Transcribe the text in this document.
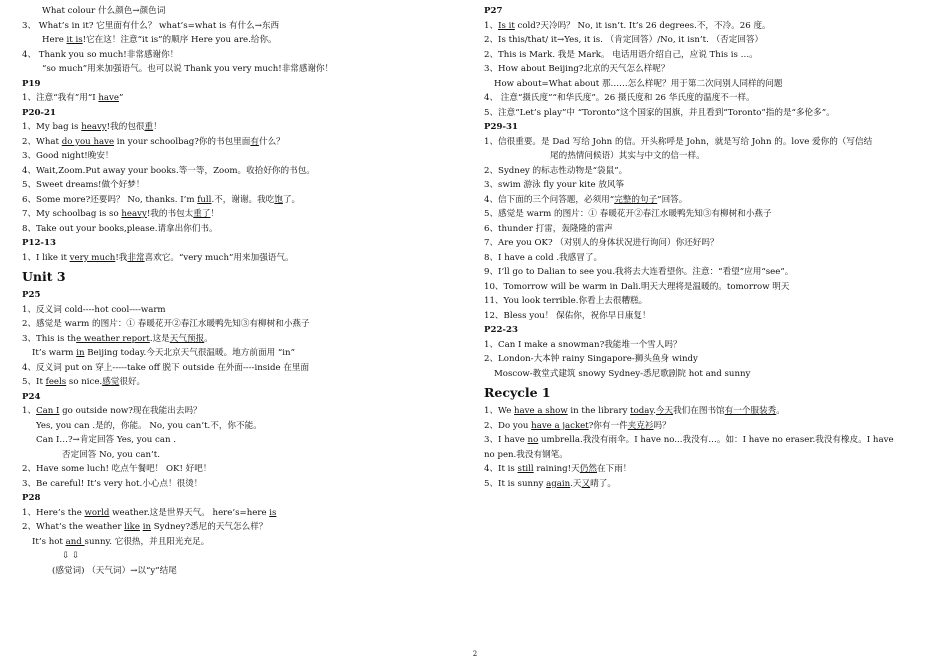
What colour 什么颜色→颜色词
3、 What’s in it? 它里面有什么？ what’s=what is 有什么→东西
Here it is!它在这！注意“it is”的顺序 Here you are.给你。
4、 Thank you so much!非常感谢你！
“so much”用来加强语气。也可以说 Thank you very much!非常感谢你！
P19
1、注意“我有”用“I have”
P20-21
1、My bag is heavy!我的包很重！
2、What do you have in your schoolbag?你的书包里面有什么？
3、Good night!晚安！
4、Wait,Zoom.Put away your books.等一等，Zoom。收拾好你的书包。
5、Sweet dreams!做个好梦！
6、Some more?还要吗？ No, thanks. I’m full.不，谢谢。我吃饱了。
7、My schoolbag is so heavy!我的书包太重了！
8、Take out your books,please.请拿出你们书。
P12-13
1、I like it very much!我非常喜欢它。“very much”用来加强语气。
Unit 3
P25
1、反义词 cold----hot cool----warm
2、感觉是 warm 的图片：① 春暖花开②春江水暖鸭先知③有柳树和小燕子
3、This is the weather report.这是天气预报。
It’s warm in Beijing today.今天北京天气很温暖。地方前面用 “in”
4、反义词 put on 穿上-----take off 脱下 outside 在外面----inside 在里面
5、It feels so nice.感觉很好。
P24
1、Can I go outside now?现在我能出去吗？
Yes, you can .是的，你能。 No, you can’t.不，你不能。
Can I…?→肯定回答 Yes, you can .
否定回答 No, you can’t.
2、Have some luch! 吃点午餐吧！ OK! 好吧！
3、Be careful! It’s very hot.小心点！很烫！
P28
1、Here’s the world weather.这是世界天气。 here’s=here is
2、What’s the weather like in Sydney?悉尼的天气怎么样？
It’s hot and sunny. 它很热，并且阳光充足。
⇩ ⇩
(感觉词) （天气词）→以“y”结尾
P27
1、Is it cold?天冷吗？ No, it isn’t. It’s 26 degrees.不，不冷。26 度。
2、Is this/that/ it→Yes, it is. （肯定回答）/No, it isn’t. （否定回答）
2、This is Mark. 我是 Mark。 电话用语介绍自己，应说 This is …。
3、How about Beijing?北京的天气怎么样呢？
How about=What about 那……怎么样呢？用于第二次问别人同样的问题
4、 注意“摄氏度”“和华氏度”。26 摄氏度和 26 华氏度的温度不一样。
5、注意“Let’s play”中 “Toronto”这个国家的国旗，并且看到“Toronto”指的是“多伦多”。
P29-31
1、信很重要。是 Dad 写给 John 的信。开头称呼是 John，就是写给 John 的。love 爱你的（写信结
尾的热情问候语）其实与中文的信一样。
2、Sydney 的标志性动物是“袋鼠”。
3、swim 游泳 fly your kite 放风筝
4、信下面的三个问答题，必须用“完整的句子”回答。
5、感觉是 warm 的图片：① 春暖花开②春江水暖鸭先知③有柳树和小燕子
6、thunder 打雷，轰隆隆的雷声
7、Are you OK? （对别人的身体状况进行询问）你还好吗？
8、I have a cold .我感冒了。
9、I’ll go to Dalian to see you.我将去大连看望你。注意：“看望”应用“see”。
10、Tomorrow will be warm in Dali.明天大理将是温暖的。tomorrow 明天
11、You look terrible.你看上去很糟糕。
12、Bless you！ 保佑你，祝你早日康复！
P22-23
1、Can I make a snowman?我能堆一个雪人吗？
2、London-大本钟 rainy Singapore-狮头鱼身 windy
Moscow-教堂式建筑 snowy Sydney-悉尼歌剧院 hot and sunny
Recycle 1
1、We have a show in the library today.今天我们在图书馆有一个服装秀。
2、Do you have a jacket?你有一件夹克衫吗？
3、I have no umbrella.我没有雨伞。I have no...我没有…。如：I have no eraser.我没有橡皮。I have
no pen.我没有钢笔。
4、It is still raining!天仍然在下雨！
5、It is sunny again.天又晴了。
2
